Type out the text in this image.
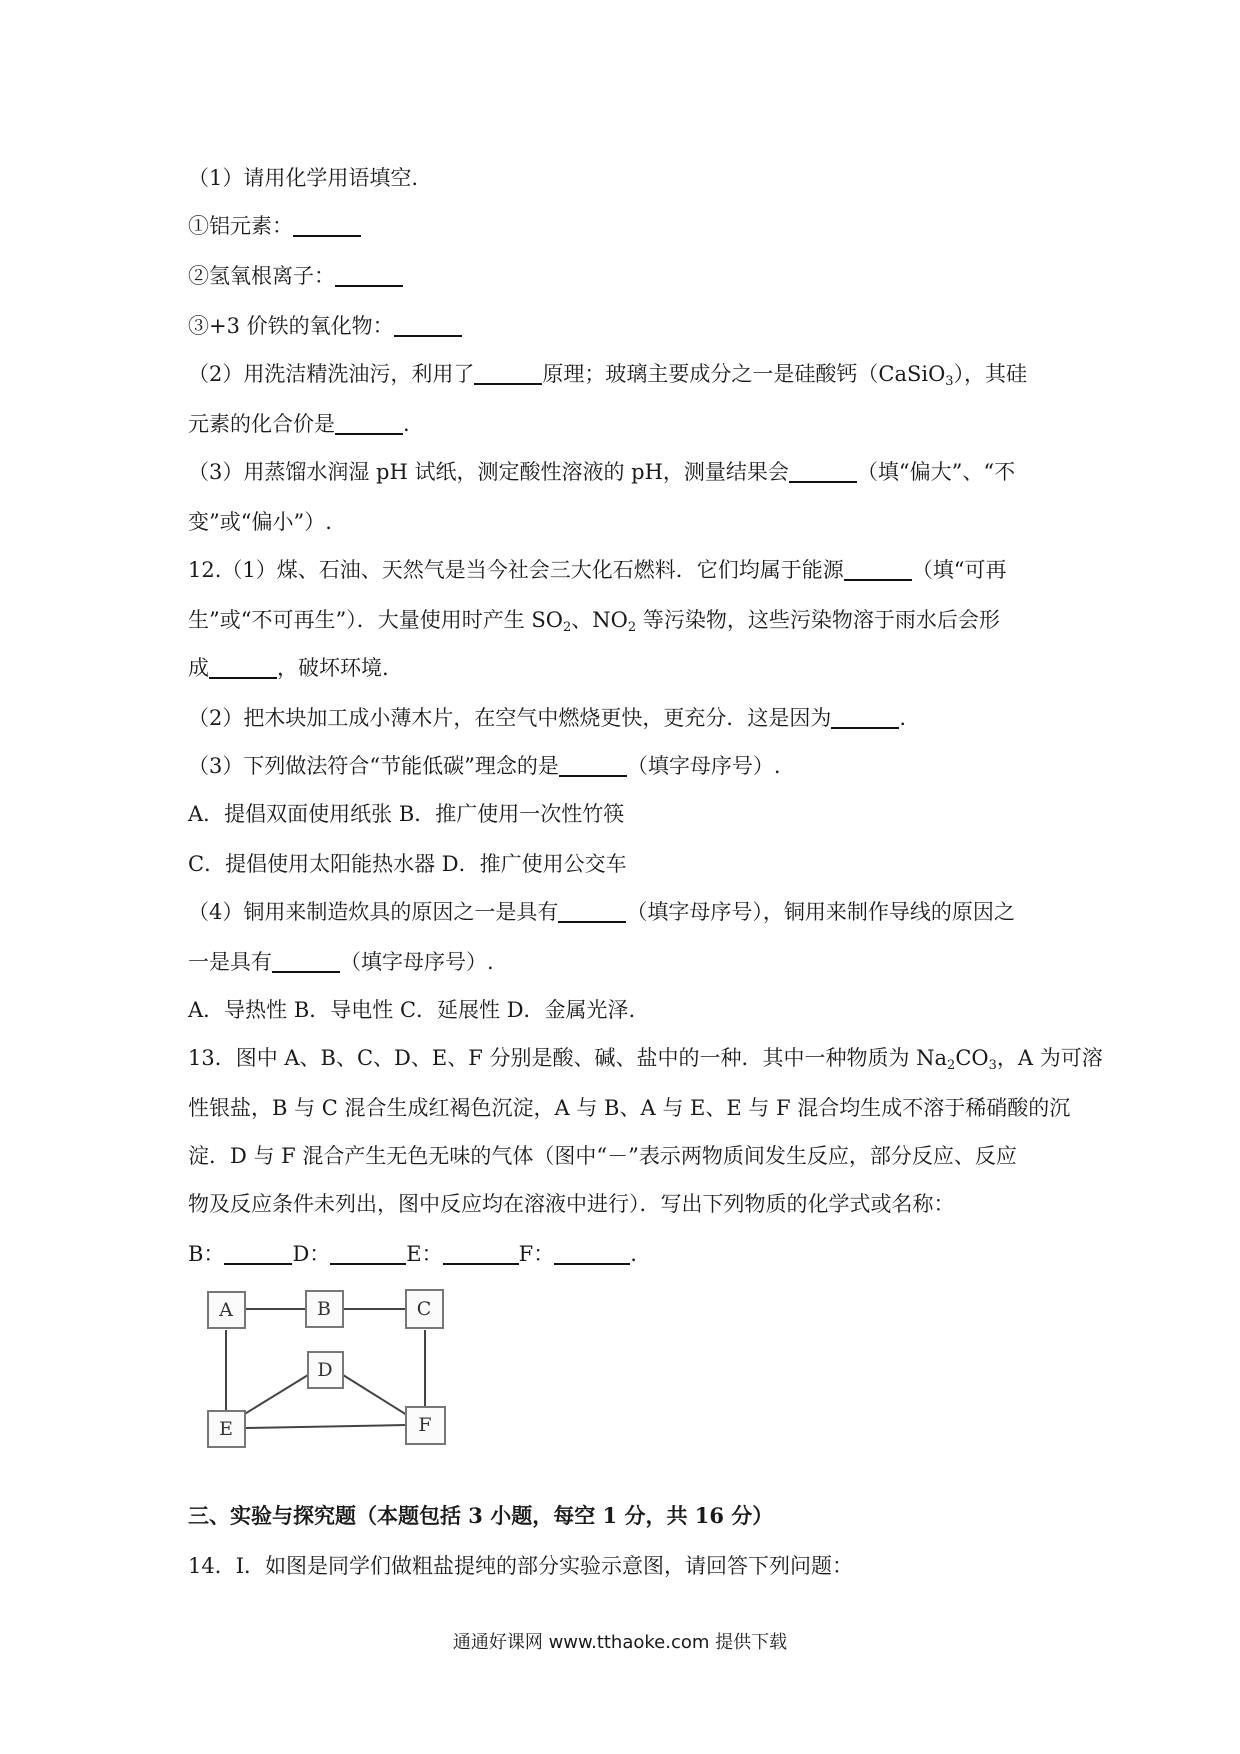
（1）请用化学用语填空.
①铝元素：
②氢氧根离子：
③+3 价铁的氧化物：
（2）用洗洁精洗油污，利用了	原理；玻璃主要成分之一是硅酸钙（CaSiO$_3$），其硅
元素的化合价是	.
（3）用蒸馏水润湿 pH 试纸，测定酸性溶液的 pH，测量结果会	（填“偏大”、“不
变”或“偏小”）.
12.（1）煤、石油、天然气是当今社会三大化石燃料．它们均属于能源	（填“可再
生”或“不可再生”）．大量使用时产生 $SO_2$、$NO_2$ 等污染物，这些污染物溶于雨水后会形
成	，破坏环境.
（2）把木块加工成小薄木片，在空气中燃烧更快，更充分．这是因为	.
（3）下列做法符合“节能低碳”理念的是	（填字母序号）.
A．提倡双面使用纸张 B．推广使用一次性竹筷
C．提倡使用太阳能热水器 D．推广使用公交车
（4）铜用来制造炊具的原因之一是具有	（填字母序号），铜用来制作导线的原因之
一是具有	（填字母序号）.
A．导热性 B．导电性 C．延展性 D．金属光泽.
13．图中 A、B、C、D、E、F 分别是酸、碱、盐中的一种．其中一种物质为 $Na_2CO_3$，A 为可溶
性银盐，B 与 C 混合生成红褐色沉淀，A 与 B、A 与 E、E 与 F 混合均生成不溶于稀硝酸的沉
淀．D 与 F 混合产生无色无味的气体（图中“－”表示两物质间发生反应，部分反应、反应
物及反应条件未列出，图中反应均在溶液中进行）．写出下列物质的化学式或名称：
B：	D：	E：	F：	.
A	B	C
D
E	F
三、实验与探究题（本题包括 3 小题，每空 1 分，共 16 分）
14．Ⅰ．如图是同学们做粗盐提纯的部分实验示意图，请回答下列问题：
通通好课网 www.tthaoke.com 提供下载
